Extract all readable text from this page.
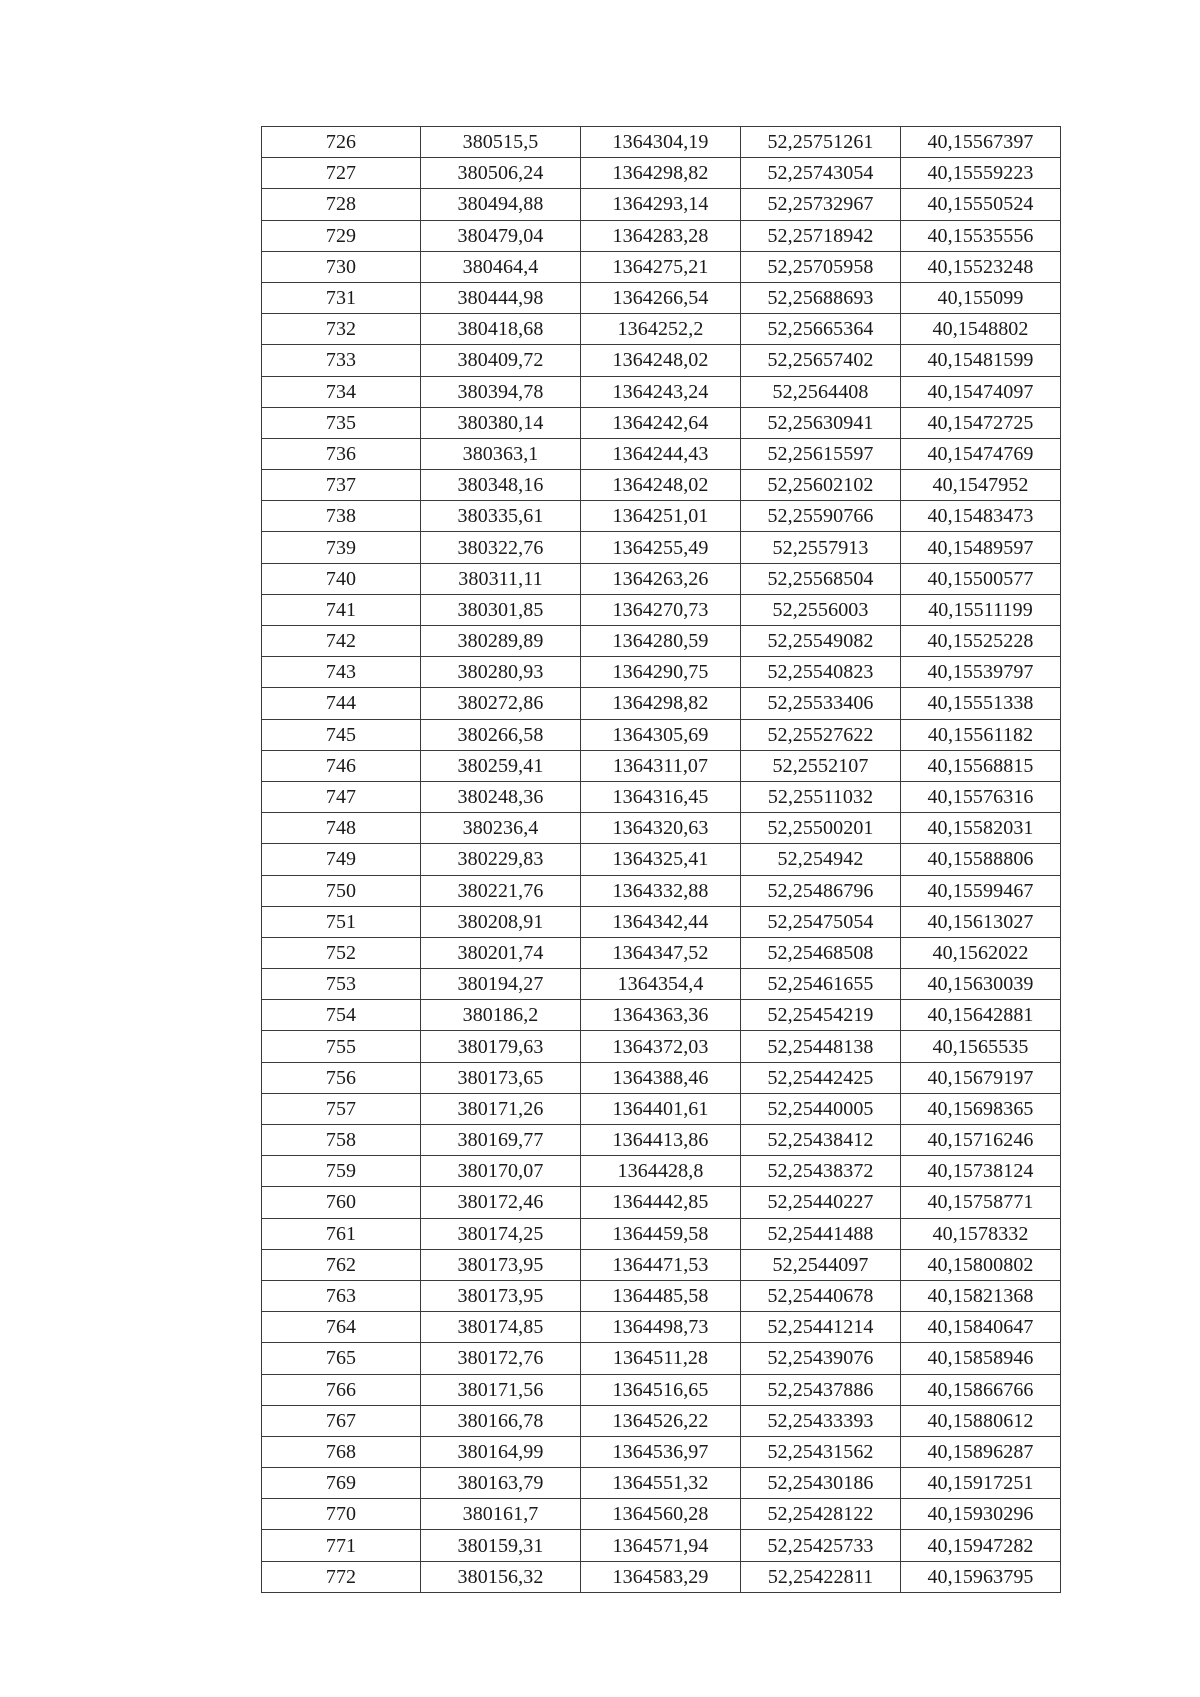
726	380515,5	1364304,19	52,25751261	40,15567397
727	380506,24	1364298,82	52,25743054	40,15559223
728	380494,88	1364293,14	52,25732967	40,15550524
729	380479,04	1364283,28	52,25718942	40,15535556
730	380464,4	1364275,21	52,25705958	40,15523248
731	380444,98	1364266,54	52,25688693	40,155099
732	380418,68	1364252,2	52,25665364	40,1548802
733	380409,72	1364248,02	52,25657402	40,15481599
734	380394,78	1364243,24	52,2564408	40,15474097
735	380380,14	1364242,64	52,25630941	40,15472725
736	380363,1	1364244,43	52,25615597	40,15474769
737	380348,16	1364248,02	52,25602102	40,1547952
738	380335,61	1364251,01	52,25590766	40,15483473
739	380322,76	1364255,49	52,2557913	40,15489597
740	380311,11	1364263,26	52,25568504	40,15500577
741	380301,85	1364270,73	52,2556003	40,15511199
742	380289,89	1364280,59	52,25549082	40,15525228
743	380280,93	1364290,75	52,25540823	40,15539797
744	380272,86	1364298,82	52,25533406	40,15551338
745	380266,58	1364305,69	52,25527622	40,15561182
746	380259,41	1364311,07	52,2552107	40,15568815
747	380248,36	1364316,45	52,25511032	40,15576316
748	380236,4	1364320,63	52,25500201	40,15582031
749	380229,83	1364325,41	52,254942	40,15588806
750	380221,76	1364332,88	52,25486796	40,15599467
751	380208,91	1364342,44	52,25475054	40,15613027
752	380201,74	1364347,52	52,25468508	40,1562022
753	380194,27	1364354,4	52,25461655	40,15630039
754	380186,2	1364363,36	52,25454219	40,15642881
755	380179,63	1364372,03	52,25448138	40,1565535
756	380173,65	1364388,46	52,25442425	40,15679197
757	380171,26	1364401,61	52,25440005	40,15698365
758	380169,77	1364413,86	52,25438412	40,15716246
759	380170,07	1364428,8	52,25438372	40,15738124
760	380172,46	1364442,85	52,25440227	40,15758771
761	380174,25	1364459,58	52,25441488	40,1578332
762	380173,95	1364471,53	52,2544097	40,15800802
763	380173,95	1364485,58	52,25440678	40,15821368
764	380174,85	1364498,73	52,25441214	40,15840647
765	380172,76	1364511,28	52,25439076	40,15858946
766	380171,56	1364516,65	52,25437886	40,15866766
767	380166,78	1364526,22	52,25433393	40,15880612
768	380164,99	1364536,97	52,25431562	40,15896287
769	380163,79	1364551,32	52,25430186	40,15917251
770	380161,7	1364560,28	52,25428122	40,15930296
771	380159,31	1364571,94	52,25425733	40,15947282
772	380156,32	1364583,29	52,25422811	40,15963795
